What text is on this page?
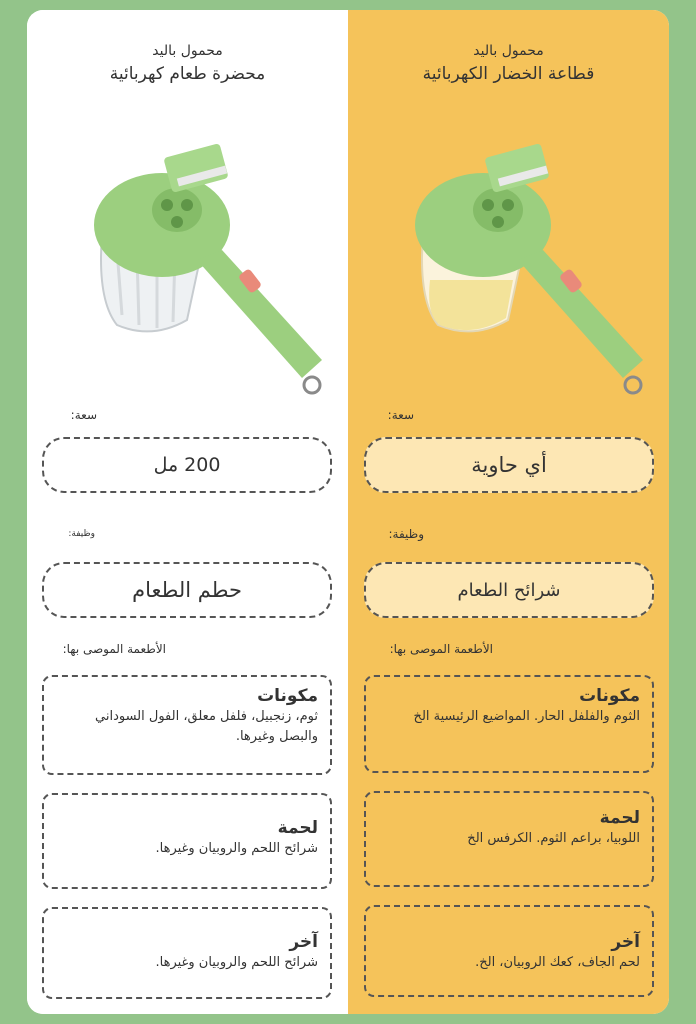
محمول باليد
محضرة طعام كهربائية
سعة:
200 مل
وظيفة:
حطم الطعام
الأطعمة الموصى بها:
مكونات
ثوم، زنجبيل، فلفل معلق، الفول السوداني والبصل وغيرها.
لحمة
شرائح اللحم والروبيان وغيرها.
آخر
شرائح اللحم والروبيان وغيرها.
محمول باليد
قطاعة الخضار الكهربائية
سعة:
أي حاوية
وظيفة:
شرائح الطعام
الأطعمة الموصى بها:
مكونات
الثوم والفلفل الحار. المواضيع الرئيسية الخ
لحمة
اللوبيا، براعم الثوم. الكرفس الخ
آخر
لحم الجاف، كعك الروبيان، الخ.
